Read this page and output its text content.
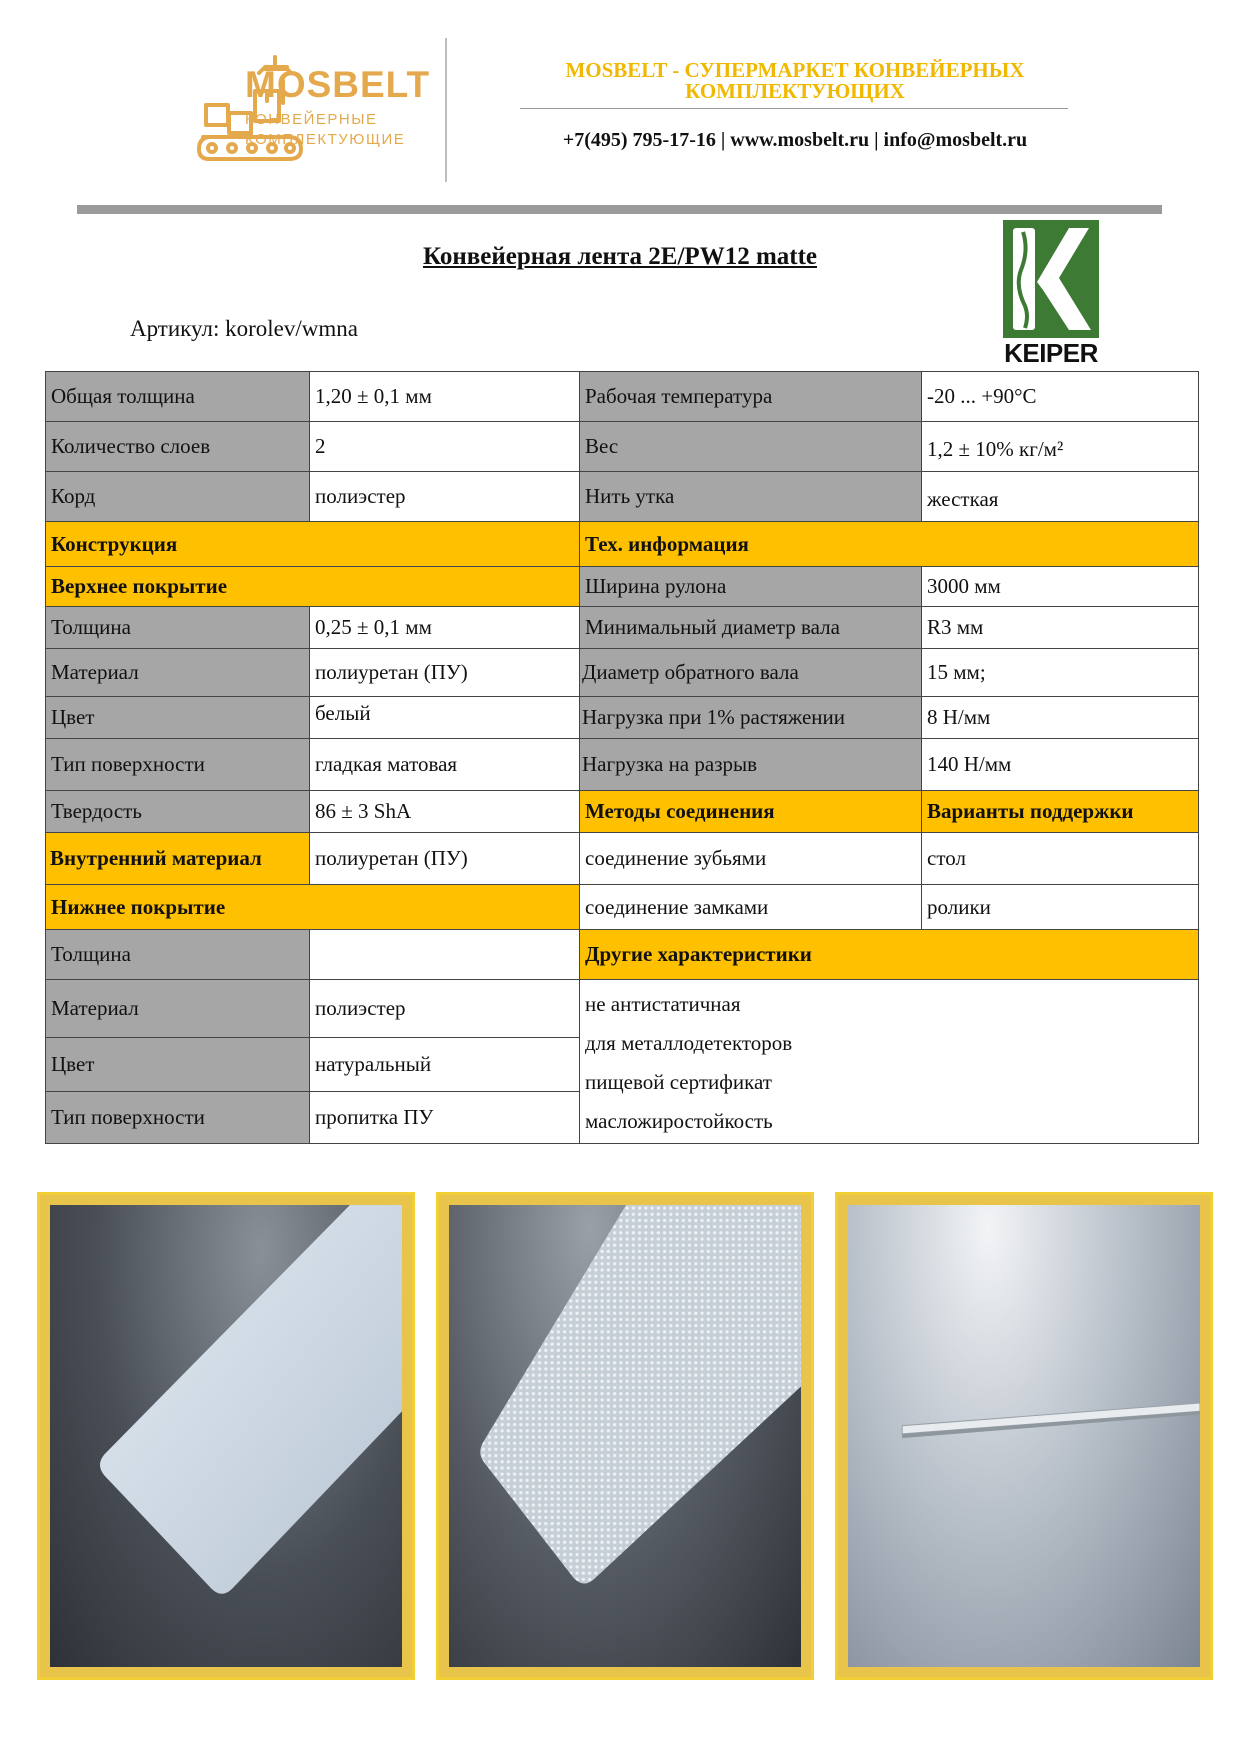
MOSBELT
КОНВЕЙЕРНЫЕ
КОМПЛЕКТУЮЩИЕ
MOSBELT - СУПЕРМАРКЕТ КОНВЕЙЕРНЫХ
КОМПЛЕКТУЮЩИХ
+7(495) 795-17-16 | www.mosbelt.ru | info@mosbelt.ru
Конвейерная лента 2E/PW12 matte
Артикул: korolev/wmna
KEIPER
Общая толщина	1,20 ± 0,1 мм	Рабочая температура	-20 ... +90°C
Количество слоев	2	Вес	1,2 ± 10% кг/м²
Корд	полиэстер	Нить утка	жесткая
Конструкция		Тех. информация	
Верхнее покрытие		Ширина рулона	3000 мм
Толщина	0,25 ± 0,1 мм	Минимальный диаметр вала	R3 мм
Материал	полиуретан (ПУ)	Диаметр обратного вала	15 мм;
Цвет	белый	Нагрузка при 1% растяжении	8 Н/мм
Тип поверхности	гладкая матовая	Нагрузка на разрыв	140 Н/мм
Твердость	86 ± 3 ShA	Методы соединения	Варианты поддержки
Внутренний материал	полиуретан (ПУ)	соединение зубьями	стол
Нижнее покрытие		соединение замками	ролики
Толщина		Другие характеристики	
Материал	полиэстер	не антистатичная
для металлодетекторов
пищевой сертификат
масложиростойкость	

Цвет	натуральный		
Тип поверхности	пропитка ПУ		
